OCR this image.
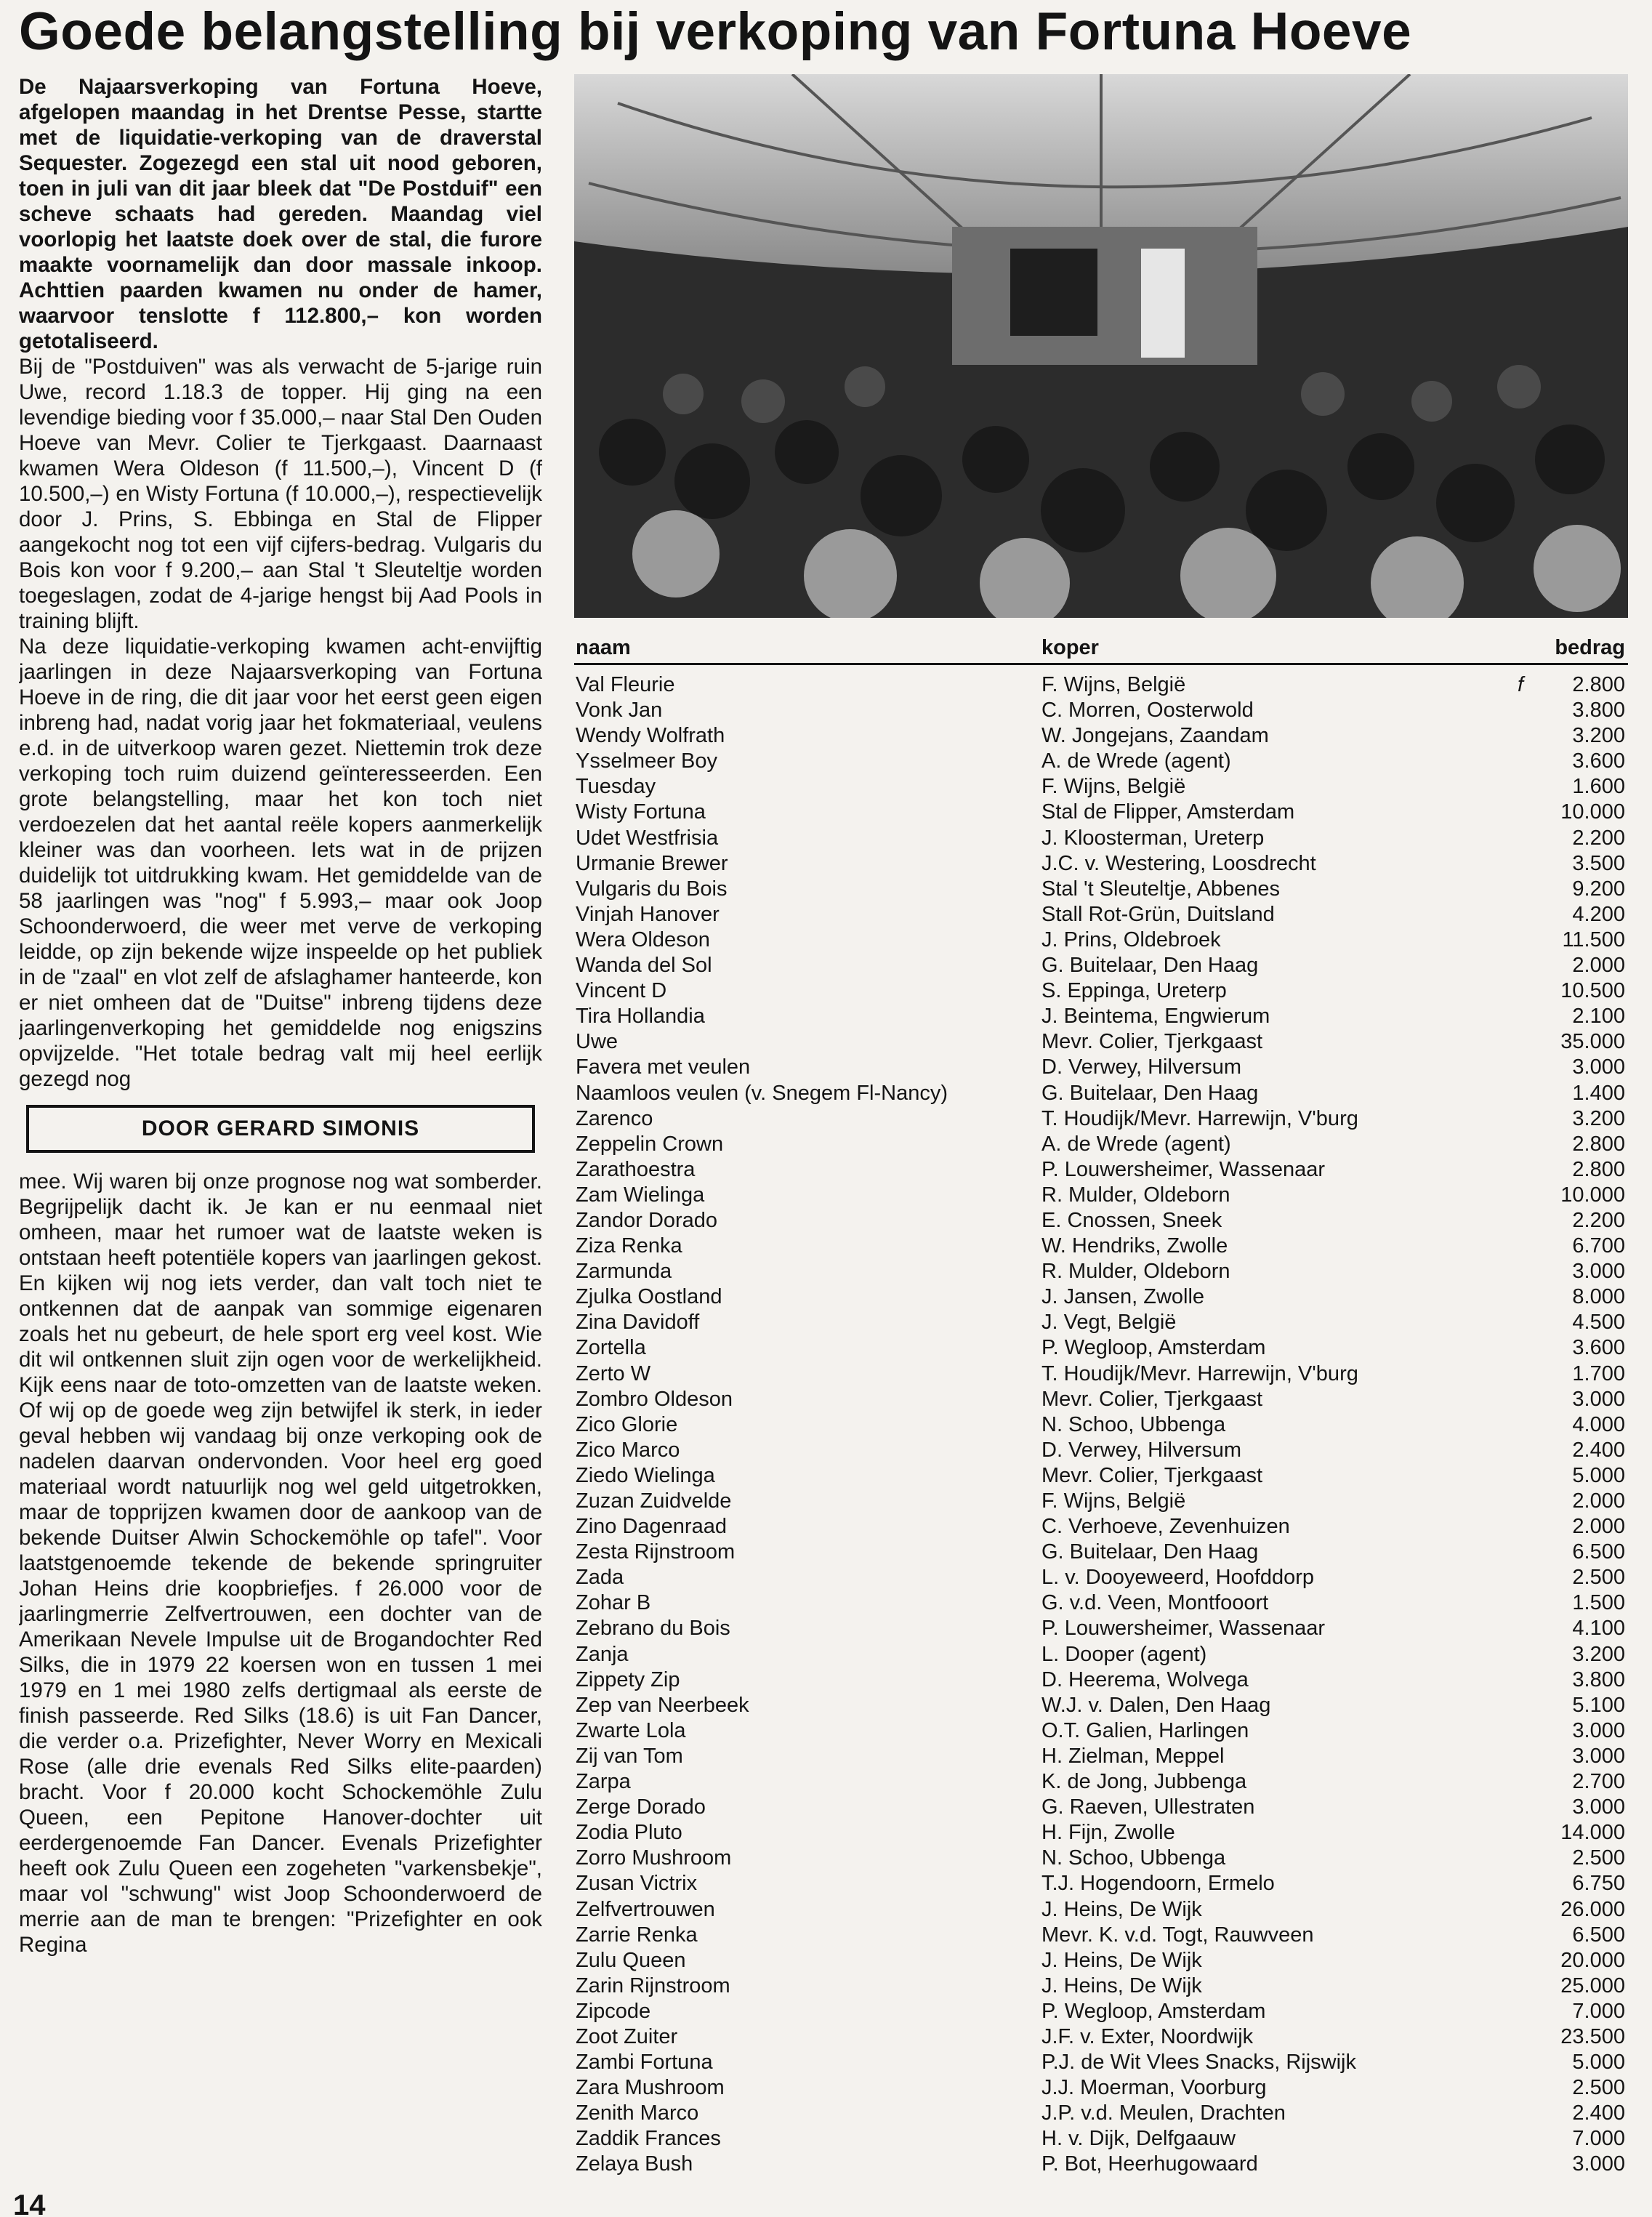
Goede belangstelling bij verkoping van Fortuna Hoeve

De Najaarsverkoping van Fortuna Hoeve, afgelopen maandag in het Drentse Pesse, startte met de liquidatie-verkoping van de draverstal Sequester. Zogezegd een stal uit nood geboren, toen in juli van dit jaar bleek dat "De Postduif" een scheve schaats had gereden. Maandag viel voorlopig het laatste doek over de stal, die furore maakte voornamelijk dan door massale inkoop. Achttien paarden kwamen nu onder de hamer, waarvoor tenslotte f 112.800,– kon worden getotaliseerd.

Bij de "Postduiven" was als verwacht de 5-jarige ruin Uwe, record 1.18.3 de topper. Hij ging na een levendige bieding voor f 35.000,– naar Stal Den Ouden Hoeve van Mevr. Colier te Tjerkgaast. Daarnaast kwamen Wera Oldeson (f 11.500,–), Vincent D (f 10.500,–) en Wisty Fortuna (f 10.000,–), respectievelijk door J. Prins, S. Ebbinga en Stal de Flipper aangekocht nog tot een vijf cijfers-bedrag. Vulgaris du Bois kon voor f 9.200,– aan Stal 't Sleuteltje worden toegeslagen, zodat de 4-jarige hengst bij Aad Pools in training blijft.

Na deze liquidatie-verkoping kwamen acht-envijftig jaarlingen in deze Najaarsverkoping van Fortuna Hoeve in de ring, die dit jaar voor het eerst geen eigen inbreng had, nadat vorig jaar het fokmateriaal, veulens e.d. in de uitverkoop waren gezet. Niettemin trok deze verkoping toch ruim duizend geïnteresseerden. Een grote belangstelling, maar het kon toch niet verdoezelen dat het aantal reële kopers aanmerkelijk kleiner was dan voorheen. Iets wat in de prijzen duidelijk tot uitdrukking kwam. Het gemiddelde van de 58 jaarlingen was "nog" f 5.993,– maar ook Joop Schoonderwoerd, die weer met verve de verkoping leidde, op zijn bekende wijze inspeelde op het publiek in de "zaal" en vlot zelf de afslaghamer hanteerde, kon er niet omheen dat de "Duitse" inbreng tijdens deze jaarlingenverkoping het gemiddelde nog enigszins opvijzelde. "Het totale bedrag valt mij heel eerlijk gezegd nog

DOOR GERARD SIMONIS

mee. Wij waren bij onze prognose nog wat somberder. Begrijpelijk dacht ik. Je kan er nu eenmaal niet omheen, maar het rumoer wat de laatste weken is ontstaan heeft potentiële kopers van jaarlingen gekost. En kijken wij nog iets verder, dan valt toch niet te ontkennen dat de aanpak van sommige eigenaren zoals het nu gebeurt, de hele sport erg veel kost. Wie dit wil ontkennen sluit zijn ogen voor de werkelijkheid. Kijk eens naar de toto-omzetten van de laatste weken. Of wij op de goede weg zijn betwijfel ik sterk, in ieder geval hebben wij vandaag bij onze verkoping ook de nadelen daarvan ondervonden. Voor heel erg goed materiaal wordt natuurlijk nog wel geld uitgetrokken, maar de topprijzen kwamen door de aankoop van de bekende Duitser Alwin Schockemöhle op tafel". Voor laatstgenoemde tekende de bekende springruiter Johan Heins drie koopbriefjes. f 26.000 voor de jaarlingmerrie Zelfvertrouwen, een dochter van de Amerikaan Nevele Impulse uit de Brogandochter Red Silks, die in 1979 22 koersen won en tussen 1 mei 1979 en 1 mei 1980 zelfs dertigmaal als eerste de finish passeerde. Red Silks (18.6) is uit Fan Dancer, die verder o.a. Prizefighter, Never Worry en Mexicali Rose (alle drie evenals Red Silks elite-paarden) bracht. Voor f 20.000 kocht Schockemöhle Zulu Queen, een Pepitone Hanover-dochter uit eerdergenoemde Fan Dancer. Evenals Prizefighter heeft ook Zulu Queen een zogeheten "varkensbekje", maar vol "schwung" wist Joop Schoonderwoerd de merrie aan de man te brengen: "Prizefighter en ook Regina

naam	koper	bedrag
Val Fleurie	F. Wijns, België	f	2.800
Vonk Jan	C. Morren, Oosterwold	3.800
Wendy Wolfrath	W. Jongejans, Zaandam	3.200
Ysselmeer Boy	A. de Wrede (agent)	3.600
Tuesday	F. Wijns, België	1.600
Wisty Fortuna	Stal de Flipper, Amsterdam	10.000
Udet Westfrisia	J. Kloosterman, Ureterp	2.200
Urmanie Brewer	J.C. v. Westering, Loosdrecht	3.500
Vulgaris du Bois	Stal 't Sleuteltje, Abbenes	9.200
Vinjah Hanover	Stall Rot-Grün, Duitsland	4.200
Wera Oldeson	J. Prins, Oldebroek	11.500
Wanda del Sol	G. Buitelaar, Den Haag	2.000
Vincent D	S. Eppinga, Ureterp	10.500
Tira Hollandia	J. Beintema, Engwierum	2.100
Uwe	Mevr. Colier, Tjerkgaast	35.000
Favera met veulen	D. Verwey, Hilversum	3.000
Naamloos veulen (v. Snegem Fl-Nancy)	G. Buitelaar, Den Haag	1.400
Zarenco	T. Houdijk/Mevr. Harrewijn, V'burg	3.200
Zeppelin Crown	A. de Wrede (agent)	2.800
Zarathoestra	P. Louwersheimer, Wassenaar	2.800
Zam Wielinga	R. Mulder, Oldeborn	10.000
Zandor Dorado	E. Cnossen, Sneek	2.200
Ziza Renka	W. Hendriks, Zwolle	6.700
Zarmunda	R. Mulder, Oldeborn	3.000
Zjulka Oostland	J. Jansen, Zwolle	8.000
Zina Davidoff	J. Vegt, België	4.500
Zortella	P. Wegloop, Amsterdam	3.600
Zerto W	T. Houdijk/Mevr. Harrewijn, V'burg	1.700
Zombro Oldeson	Mevr. Colier, Tjerkgaast	3.000
Zico Glorie	N. Schoo, Ubbenga	4.000
Zico Marco	D. Verwey, Hilversum	2.400
Ziedo Wielinga	Mevr. Colier, Tjerkgaast	5.000
Zuzan Zuidvelde	F. Wijns, België	2.000
Zino Dagenraad	C. Verhoeve, Zevenhuizen	2.000
Zesta Rijnstroom	G. Buitelaar, Den Haag	6.500
Zada	L. v. Dooyeweerd, Hoofddorp	2.500
Zohar B	G. v.d. Veen, Montfooort	1.500
Zebrano du Bois	P. Louwersheimer, Wassenaar	4.100
Zanja	L. Dooper (agent)	3.200
Zippety Zip	D. Heerema, Wolvega	3.800
Zep van Neerbeek	W.J. v. Dalen, Den Haag	5.100
Zwarte Lola	O.T. Galien, Harlingen	3.000
Zij van Tom	H. Zielman, Meppel	3.000
Zarpa	K. de Jong, Jubbenga	2.700
Zerge Dorado	G. Raeven, Ullestraten	3.000
Zodia Pluto	H. Fijn, Zwolle	14.000
Zorro Mushroom	N. Schoo, Ubbenga	2.500
Zusan Victrix	T.J. Hogendoorn, Ermelo	6.750
Zelfvertrouwen	J. Heins, De Wijk	26.000
Zarrie Renka	Mevr. K. v.d. Togt, Rauwveen	6.500
Zulu Queen	J. Heins, De Wijk	20.000
Zarin Rijnstroom	J. Heins, De Wijk	25.000
Zipcode	P. Wegloop, Amsterdam	7.000
Zoot Zuiter	J.F. v. Exter, Noordwijk	23.500
Zambi Fortuna	P.J. de Wit Vlees Snacks, Rijswijk	5.000
Zara Mushroom	J.J. Moerman, Voorburg	2.500
Zenith Marco	J.P. v.d. Meulen, Drachten	2.400
Zaddik Frances	H. v. Dijk, Delfgaauw	7.000
Zelaya Bush	P. Bot, Heerhugowaard	3.000
14
